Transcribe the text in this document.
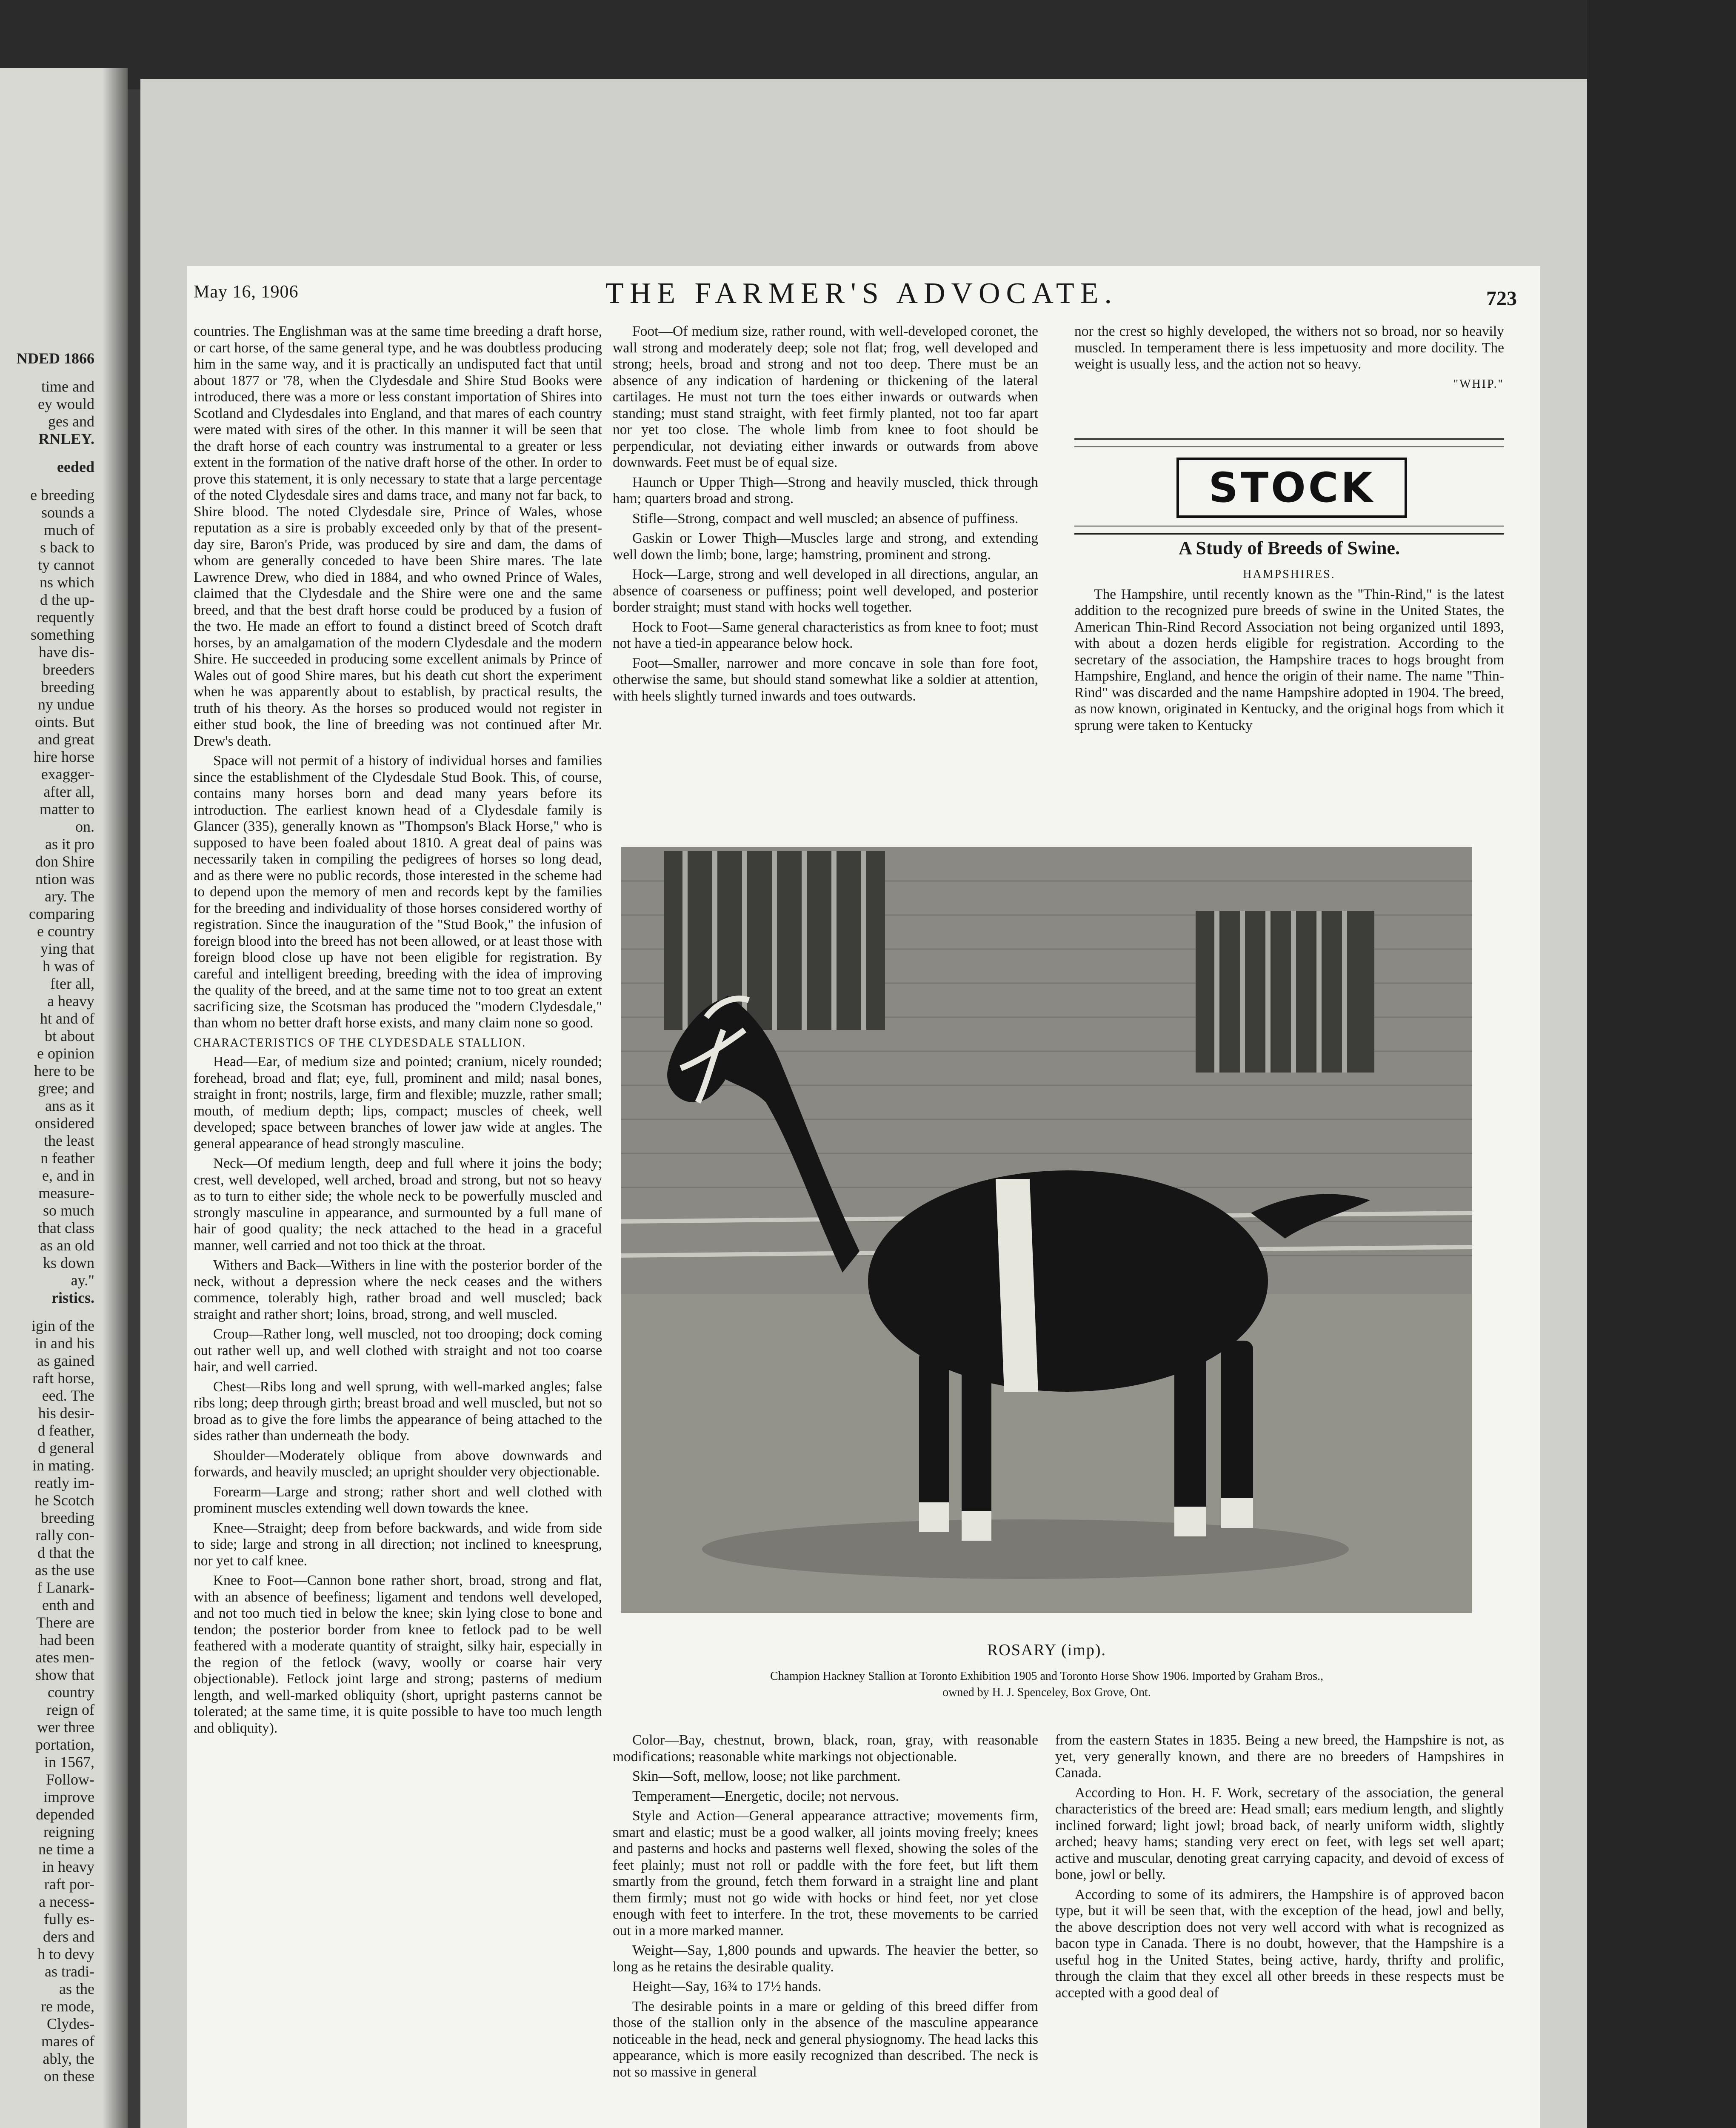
NDED 1866
time and
ey would
ges and
RNLEY.
eeded
e breeding
sounds a
much of
s back to
ty cannot
ns which
d the up-
requently
something
have dis-
breeders
breeding
ny undue
oints. But
and great
hire horse
exagger-
after all,
matter to
on.
as it pro
don Shire
ntion was
ary. The
comparing
e country
ying that
h was of
fter all,
a heavy
ht and of
bt about
e opinion
here to be
gree; and
ans as it
onsidered
the least
n feather
e, and in
measure-
so much
that class
as an old
ks down
ay."
ristics.
igin of the
in and his
as gained
raft horse,
eed. The
his desir-
d feather,
d general
in mating.
reatly im-
he Scotch
breeding
rally con-
d that the
as the use
f Lanark-
enth and
There are
had been
ates men-
show that
country
reign of
wer three
portation,
in 1567,
Follow-
improve
depended
reigning
ne time a
in heavy
raft por-
a necess-
fully es-
ders and
h to devy
as tradi-
as the
re mode,
Clydes-
mares of
ably, the
on these
May 16, 1906	THE FARMER'S ADVOCATE.	723

countries. The Englishman was at the same time breeding a draft horse, or cart horse, of the same general type, and he was doubtless producing him in the same way, and it is practically an undisputed fact that until about 1877 or '78, when the Clydesdale and Shire Stud Books were introduced, there was a more or less constant importation of Shires into Scotland and Clydesdales into England, and that mares of each country were mated with sires of the other. In this manner it will be seen that the draft horse of each country was instrumental to a greater or less extent in the formation of the native draft horse of the other. In order to prove this statement, it is only necessary to state that a large percentage of the noted Clydesdale sires and dams trace, and many not far back, to Shire blood. The noted Clydesdale sire, Prince of Wales, whose reputation as a sire is probably exceeded only by that of the present-day sire, Baron's Pride, was produced by sire and dam, the dams of whom are generally conceded to have been Shire mares. The late Lawrence Drew, who died in 1884, and who owned Prince of Wales, claimed that the Clydesdale and the Shire were one and the same breed, and that the best draft horse could be produced by a fusion of the two. He made an effort to found a distinct breed of Scotch draft horses, by an amalgamation of the modern Clydesdale and the modern Shire. He succeeded in producing some excellent animals by Prince of Wales out of good Shire mares, but his death cut short the experiment when he was apparently about to establish, by practical results, the truth of his theory. As the horses so produced would not register in either stud book, the line of breeding was not continued after Mr. Drew's death.

Space will not permit of a history of individual horses and families since the establishment of the Clydesdale Stud Book. This, of course, contains many horses born and dead many years before its introduction. The earliest known head of a Clydesdale family is Glancer (335), generally known as "Thompson's Black Horse," who is supposed to have been foaled about 1810. A great deal of pains was necessarily taken in compiling the pedigrees of horses so long dead, and as there were no public records, those interested in the scheme had to depend upon the memory of men and records kept by the families for the breeding and individuality of those horses considered worthy of registration. Since the inauguration of the "Stud Book," the infusion of foreign blood into the breed has not been allowed, or at least those with foreign blood close up have not been eligible for registration. By careful and intelligent breeding, breeding with the idea of improving the quality of the breed, and at the same time not to too great an extent sacrificing size, the Scotsman has produced the "modern Clydesdale," than whom no better draft horse exists, and many claim none so good.

CHARACTERISTICS OF THE CLYDESDALE STALLION.

Head—Ear, of medium size and pointed; cranium, nicely rounded; forehead, broad and flat; eye, full, prominent and mild; nasal bones, straight in front; nostrils, large, firm and flexible; muzzle, rather small; mouth, of medium depth; lips, compact; muscles of cheek, well developed; space between branches of lower jaw wide at angles. The general appearance of head strongly masculine.

Neck—Of medium length, deep and full where it joins the body; crest, well developed, well arched, broad and strong, but not so heavy as to turn to either side; the whole neck to be powerfully muscled and strongly masculine in appearance, and surmounted by a full mane of hair of good quality; the neck attached to the head in a graceful manner, well carried and not too thick at the throat.

Withers and Back—Withers in line with the posterior border of the neck, without a depression where the neck ceases and the withers commence, tolerably high, rather broad and well muscled; back straight and rather short; loins, broad, strong, and well muscled.

Croup—Rather long, well muscled, not too drooping; dock coming out rather well up, and well clothed with straight and not too coarse hair, and well carried.

Chest—Ribs long and well sprung, with well-marked angles; false ribs long; deep through girth; breast broad and well muscled, but not so broad as to give the fore limbs the appearance of being attached to the sides rather than underneath the body.

Shoulder—Moderately oblique from above downwards and forwards, and heavily muscled; an upright shoulder very objectionable.

Forearm—Large and strong; rather short and well clothed with prominent muscles extending well down towards the knee.

Knee—Straight; deep from before backwards, and wide from side to side; large and strong in all direction; not inclined to kneesprung, nor yet to calf knee.

Knee to Foot—Cannon bone rather short, broad, strong and flat, with an absence of beefiness; ligament and tendons well developed, and not too much tied in below the knee; skin lying close to bone and tendon; the posterior border from knee to fetlock pad to be well feathered with a moderate quantity of straight, silky hair, especially in the region of the fetlock (wavy, woolly or coarse hair very objectionable). Fetlock joint large and strong; pasterns of medium length, and well-marked obliquity (short, upright pasterns cannot be tolerated; at the same time, it is quite possible to have too much length and obliquity).

Foot—Of medium size, rather round, with well-developed coronet, the wall strong and moderately deep; sole not flat; frog, well developed and strong; heels, broad and strong and not too deep. There must be an absence of any indication of hardening or thickening of the lateral cartilages. He must not turn the toes either inwards or outwards when standing; must stand straight, with feet firmly planted, not too far apart nor yet too close. The whole limb from knee to foot should be perpendicular, not deviating either inwards or outwards from above downwards. Feet must be of equal size.

Haunch or Upper Thigh—Strong and heavily muscled, thick through ham; quarters broad and strong.

Stifle—Strong, compact and well muscled; an absence of puffiness.

Gaskin or Lower Thigh—Muscles large and strong, and extending well down the limb; bone, large; hamstring, prominent and strong.

Hock—Large, strong and well developed in all directions, angular, an absence of coarseness or puffiness; point well developed, and posterior border straight; must stand with hocks well together.

Hock to Foot—Same general characteristics as from knee to foot; must not have a tied-in appearance below hock.

Foot—Smaller, narrower and more concave in sole than fore foot, otherwise the same, but should stand somewhat like a soldier at attention, with heels slightly turned inwards and toes outwards.

nor the crest so highly developed, the withers not so broad, nor so heavily muscled. In temperament there is less impetuosity and more docility. The weight is usually less, and the action not so heavy.

"WHIP."
STOCK
A Study of Breeds of Swine.
HAMPSHIRES.

The Hampshire, until recently known as the "Thin-Rind," is the latest addition to the recognized pure breeds of swine in the United States, the American Thin-Rind Record Association not being organized until 1893, with about a dozen herds eligible for registration. According to the secretary of the association, the Hampshire traces to hogs brought from Hampshire, England, and hence the origin of their name. The name "Thin-Rind" was discarded and the name Hampshire adopted in 1904. The breed, as now known, originated in Kentucky, and the original hogs from which it sprung were taken to Kentucky

ROSARY (imp).
Champion Hackney Stallion at Toronto Exhibition 1905 and Toronto Horse Show 1906. Imported by Graham Bros.,
owned by H. J. Spenceley, Box Grove, Ont.

Color—Bay, chestnut, brown, black, roan, gray, with reasonable modifications; reasonable white markings not objectionable.

Skin—Soft, mellow, loose; not like parchment.

Temperament—Energetic, docile; not nervous.

Style and Action—General appearance attractive; movements firm, smart and elastic; must be a good walker, all joints moving freely; knees and pasterns and hocks and pasterns well flexed, showing the soles of the feet plainly; must not roll or paddle with the fore feet, but lift them smartly from the ground, fetch them forward in a straight line and plant them firmly; must not go wide with hocks or hind feet, nor yet close enough with feet to interfere. In the trot, these movements to be carried out in a more marked manner.

Weight—Say, 1,800 pounds and upwards. The heavier the better, so long as he retains the desirable quality.

Height—Say, 16¾ to 17½ hands.

The desirable points in a mare or gelding of this breed differ from those of the stallion only in the absence of the masculine appearance noticeable in the head, neck and general physiognomy. The head lacks this appearance, which is more easily recognized than described. The neck is not so massive in general

from the eastern States in 1835. Being a new breed, the Hampshire is not, as yet, very generally known, and there are no breeders of Hampshires in Canada.

According to Hon. H. F. Work, secretary of the association, the general characteristics of the breed are: Head small; ears medium length, and slightly inclined forward; light jowl; broad back, of nearly uniform width, slightly arched; heavy hams; standing very erect on feet, with legs set well apart; active and muscular, denoting great carrying capacity, and devoid of excess of bone, jowl or belly.

According to some of its admirers, the Hampshire is of approved bacon type, but it will be seen that, with the exception of the head, jowl and belly, the above description does not very well accord with what is recognized as bacon type in Canada. There is no doubt, however, that the Hampshire is a useful hog in the United States, being active, hardy, thrifty and prolific, through the claim that they excel all other breeds in these respects must be accepted with a good deal of
